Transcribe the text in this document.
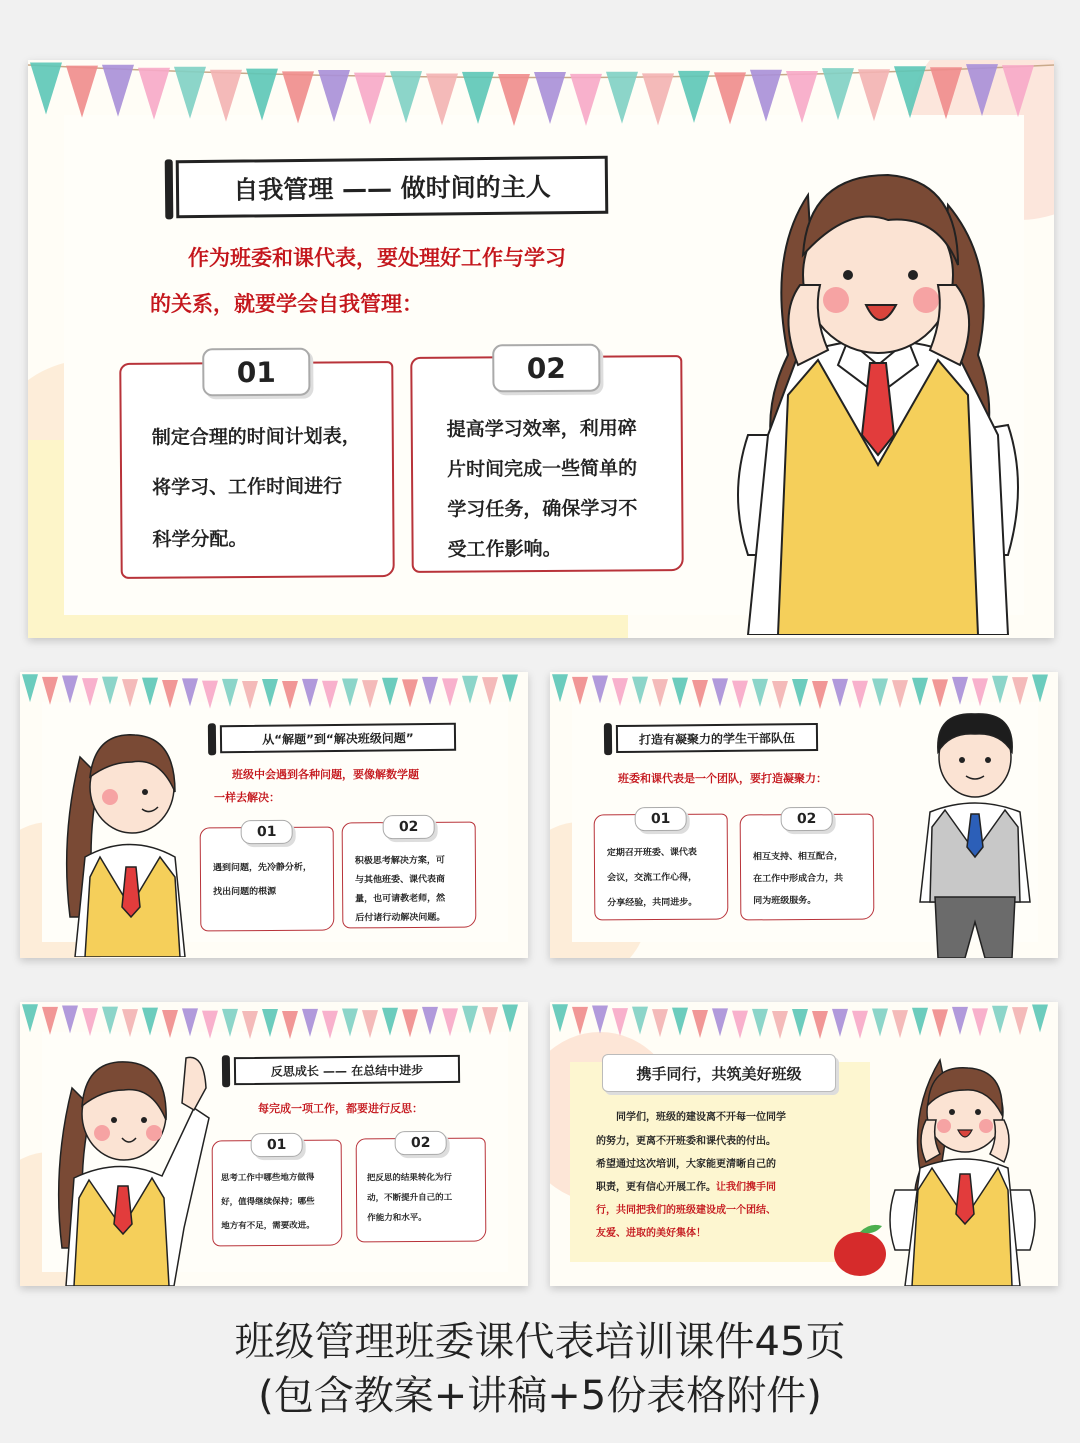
自我管理 —— 做时间的主人
作为班委和课代表，要处理好工作与学习
的关系，就要学会自我管理：
01
制定合理的时间计划表，
将学习、工作时间进行
科学分配。
02
提高学习效率，利用碎
片时间完成一些简单的
学习任务，确保学习不
受工作影响。
从“解题”到“解决班级问题”
班级中会遇到各种问题，要像解数学题
一样去解决：
01
遇到问题，先冷静分析，
找出问题的根源
02
积极思考解决方案，可
与其他班委、课代表商
量，也可请教老师，然
后付诸行动解决问题。
打造有凝聚力的学生干部队伍
班委和课代表是一个团队，要打造凝聚力：
01
定期召开班委、课代表
会议，交流工作心得，
分享经验，共同进步。
02
相互支持、相互配合，
在工作中形成合力，共
同为班级服务。
反思成长 —— 在总结中进步
每完成一项工作，都要进行反思：
01
思考工作中哪些地方做得
好，值得继续保持；哪些
地方有不足，需要改进。
02
把反思的结果转化为行
动，不断提升自己的工
作能力和水平。
携手同行，共筑美好班级
同学们，班级的建设离不开每一位同学
的努力，更离不开班委和课代表的付出。
希望通过这次培训，大家能更清晰自己的
职责，更有信心开展工作。让我们携手同
行，共同把我们的班级建设成一个团结、
友爱、进取的美好集体！
班级管理班委课代表培训课件45页
(包含教案+讲稿+5份表格附件)
